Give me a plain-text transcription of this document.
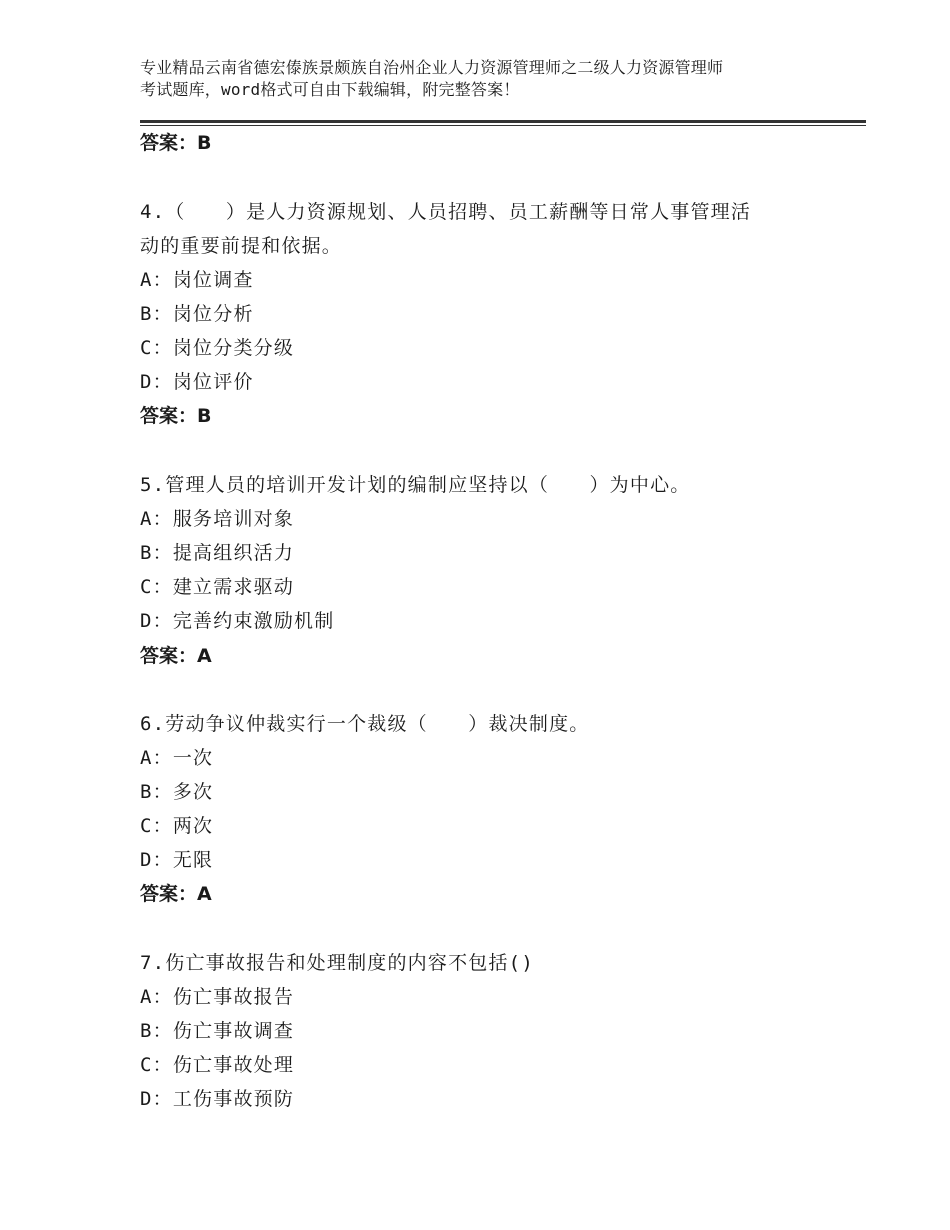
专业精品云南省德宏傣族景颇族自治州企业人力资源管理师之二级人力资源管理师
考试题库，word格式可自由下载编辑，附完整答案！
答案：B
4.（　　）是人力资源规划、人员招聘、员工薪酬等日常人事管理活
动的重要前提和依据。
A：岗位调查
B：岗位分析
C：岗位分类分级
D：岗位评价
答案：B
5.管理人员的培训开发计划的编制应坚持以（　　）为中心。
A：服务培训对象
B：提高组织活力
C：建立需求驱动
D：完善约束激励机制
答案：A
6.劳动争议仲裁实行一个裁级（　　）裁决制度。
A：一次
B：多次
C：两次
D：无限
答案：A
7.伤亡事故报告和处理制度的内容不包括()
A：伤亡事故报告
B：伤亡事故调查
C：伤亡事故处理
D：工伤事故预防
